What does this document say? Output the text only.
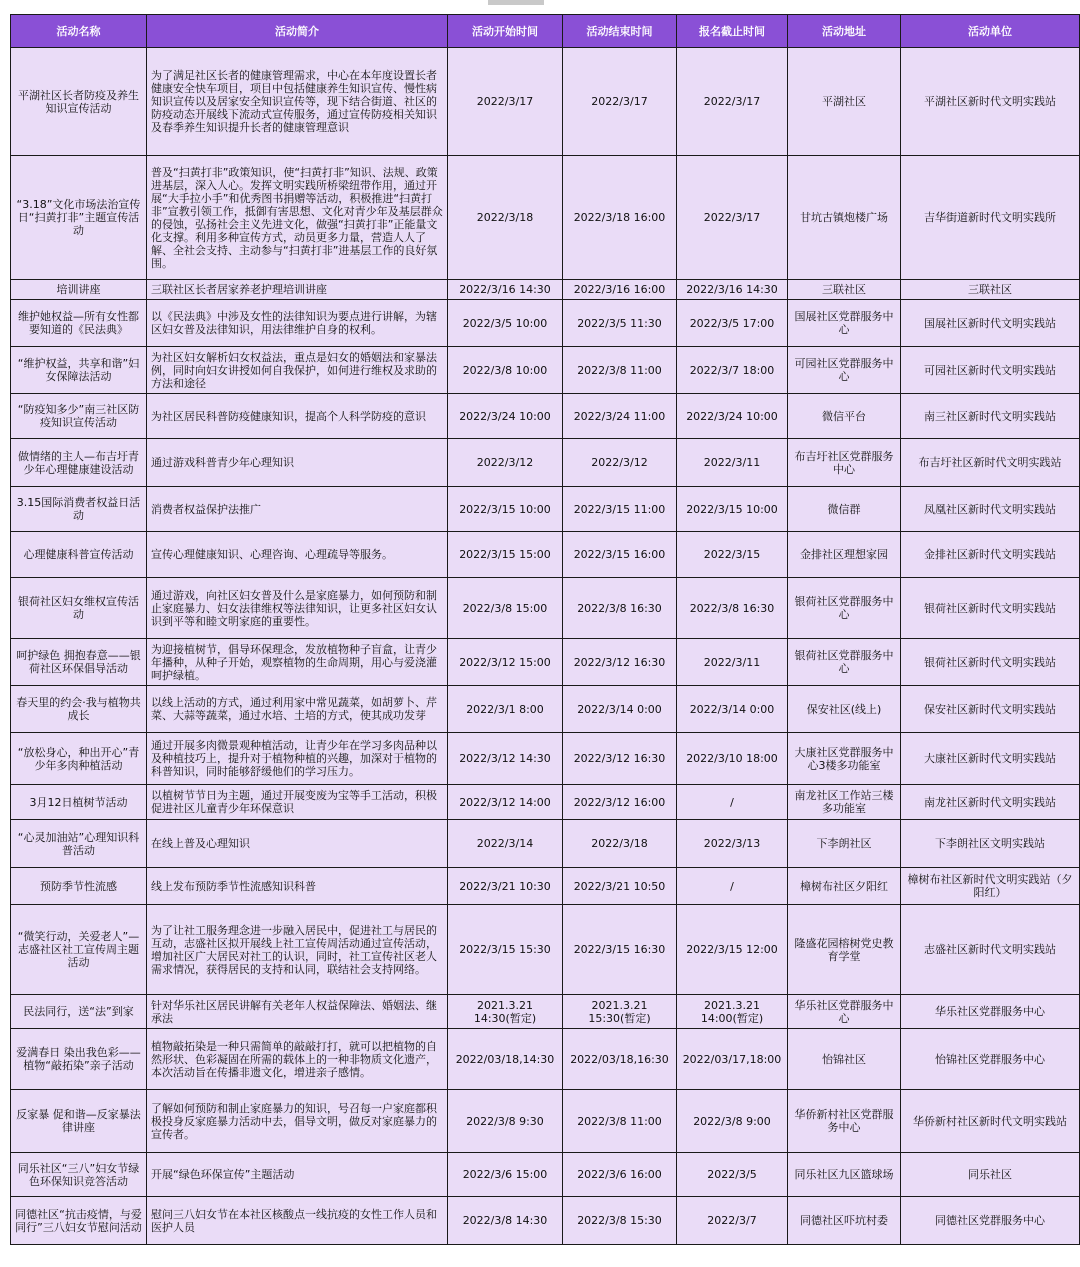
活动名称	活动简介	活动开始时间	活动结束时间	报名截止时间	活动地址	活动单位
平湖社区长者防疫及养生知识宣传活动	为了满足社区长者的健康管理需求，中心在本年度设置长者健康安全快车项目，项目中包括健康养生知识宣传、慢性病知识宣传以及居家安全知识宣传等，现下结合街道、社区的防疫动态开展线下流动式宣传服务，通过宣传防疫相关知识及春季养生知识提升长者的健康管理意识	2022/3/17	2022/3/17	2022/3/17	平湖社区	平湖社区新时代文明实践站
“3.18”文化市场法治宣传日“扫黄打非”主题宣传活动	普及“扫黄打非”政策知识，使“扫黄打非”知识、法规、政策进基层，深入人心。发挥文明实践所桥梁纽带作用，通过开展“大手拉小手”和优秀图书捐赠等活动，积极推进“扫黄打非”宣教引领工作，抵御有害思想、文化对青少年及基层群众的侵蚀，弘扬社会主义先进文化，做强“扫黄打非”正能量文化支撑。利用多种宣传方式，动员更多力量，营造人人了解、全社会支持、主动参与“扫黄打非”进基层工作的良好氛围。	2022/3/18	2022/3/18 16:00	2022/3/17	甘坑古镇炮楼广场	吉华街道新时代文明实践所
培训讲座	三联社区长者居家养老护理培训讲座	2022/3/16 14:30	2022/3/16 16:00	2022/3/16 14:30	三联社区	三联社区
维护她权益—所有女性都要知道的《民法典》	以《民法典》中涉及女性的法律知识为要点进行讲解，为辖区妇女普及法律知识，用法律维护自身的权利。	2022/3/5 10:00	2022/3/5 11:30	2022/3/5 17:00	国展社区党群服务中心	国展社区新时代文明实践站
“维护权益，共享和谐”妇女保障法活动	为社区妇女解析妇女权益法，重点是妇女的婚姻法和家暴法例，同时向妇女讲授如何自我保护，如何进行维权及求助的方法和途径	2022/3/8 10:00	2022/3/8 11:00	2022/3/7 18:00	可园社区党群服务中心	可园社区新时代文明实践站
“防疫知多少”南三社区防疫知识宣传活动	为社区居民科普防疫健康知识，提高个人科学防疫的意识	2022/3/24 10:00	2022/3/24 11:00	2022/3/24 10:00	微信平台	南三社区新时代文明实践站
做情绪的主人—布吉圩青少年心理健康建设活动	通过游戏科普青少年心理知识	2022/3/12	2022/3/12	2022/3/11	布吉圩社区党群服务中心	布吉圩社区新时代文明实践站
3.15国际消费者权益日活动	消费者权益保护法推广	2022/3/15 10:00	2022/3/15 11:00	2022/3/15 10:00	微信群	凤凰社区新时代文明实践站
心理健康科普宣传活动	宣传心理健康知识、心理咨询、心理疏导等服务。	2022/3/15 15:00	2022/3/15 16:00	2022/3/15	金排社区理想家园	金排社区新时代文明实践站
银荷社区妇女维权宣传活动	通过游戏，向社区妇女普及什么是家庭暴力，如何预防和制止家庭暴力、妇女法律维权等法律知识，让更多社区妇女认识到平等和睦文明家庭的重要性。	2022/3/8 15:00	2022/3/8 16:30	2022/3/8 16:30	银荷社区党群服务中心	银荷社区新时代文明实践站
呵护绿色 拥抱春意——银荷社区环保倡导活动	为迎接植树节，倡导环保理念，发放植物种子盲盒，让青少年播种，从种子开始，观察植物的生命周期，用心与爱浇灌呵护绿植。	2022/3/12 15:00	2022/3/12 16:30	2022/3/11	银荷社区党群服务中心	银荷社区新时代文明实践站
春天里的约会·我与植物共成长	以线上活动的方式，通过利用家中常见蔬菜，如胡萝卜、芹菜、大蒜等蔬菜，通过水培、土培的方式，使其成功发芽	2022/3/1 8:00	2022/3/14 0:00	2022/3/14 0:00	保安社区(线上)	保安社区新时代文明实践站
“放松身心，种出开心”青少年多肉种植活动	通过开展多肉微景观种植活动，让青少年在学习多肉品种以及种植技巧上，提升对于植物种植的兴趣，加深对于植物的科普知识，同时能够舒缓他们的学习压力。	2022/3/12 14:30	2022/3/12 16:30	2022/3/10 18:00	大康社区党群服务中心3楼多功能室	大康社区新时代文明实践站
3月12日植树节活动	以植树节节日为主题，通过开展变废为宝等手工活动，积极促进社区儿童青少年环保意识	2022/3/12 14:00	2022/3/12 16:00	/	南龙社区工作站三楼多功能室	南龙社区新时代文明实践站
“心灵加油站”心理知识科普活动	在线上普及心理知识	2022/3/14	2022/3/18	2022/3/13	下李朗社区	下李朗社区文明实践站
预防季节性流感	线上发布预防季节性流感知识科普	2022/3/21 10:30	2022/3/21 10:50	/	樟树布社区夕阳红	樟树布社区新时代文明实践站（夕阳红）
“微笑行动，关爱老人”—志盛社区社工宣传周主题活动	为了让社工服务理念进一步融入居民中，促进社工与居民的互动，志盛社区拟开展线上社工宣传周活动通过宣传活动，增加社区广大居民对社工的认识，同时，社工宣传社区老人需求情况，获得居民的支持和认同，联结社会支持网络。	2022/3/15 15:30	2022/3/15 16:30	2022/3/15 12:00	隆盛花园榕树党史教育学堂	志盛社区新时代文明实践站
民法同行，送“法”到家	针对华乐社区居民讲解有关老年人权益保障法、婚姻法、继承法	2021.3.21 14:30(暂定)	2021.3.21 15:30(暂定)	2021.3.21 14:00(暂定)	华乐社区党群服务中心	华乐社区党群服务中心
爱满春日 染出我色彩——植物“敲拓染”亲子活动	植物敲拓染是一种只需简单的敲敲打打，就可以把植物的自然形状、色彩凝固在所需的载体上的一种非物质文化遗产，本次活动旨在传播非遗文化，增进亲子感情。	2022/03/18,14:30	2022/03/18,16:30	2022/03/17,18:00	怡锦社区	怡锦社区党群服务中心
反家暴 促和谐—反家暴法律讲座	了解如何预防和制止家庭暴力的知识，号召每一户家庭都积极投身反家庭暴力活动中去，倡导文明，做反对家庭暴力的宣传者。	2022/3/8 9:30	2022/3/8 11:00	2022/3/8 9:00	华侨新村社区党群服务中心	华侨新村社区新时代文明实践站
同乐社区“三八”妇女节绿色环保知识竞答活动	开展“绿色环保宣传”主题活动	2022/3/6 15:00	2022/3/6 16:00	2022/3/5	同乐社区九区篮球场	同乐社区
同德社区“抗击疫情，与爱同行”三八妇女节慰问活动	慰问三八妇女节在本社区核酸点一线抗疫的女性工作人员和医护人员	2022/3/8 14:30	2022/3/8 15:30	2022/3/7	同德社区吓坑村委	同德社区党群服务中心
